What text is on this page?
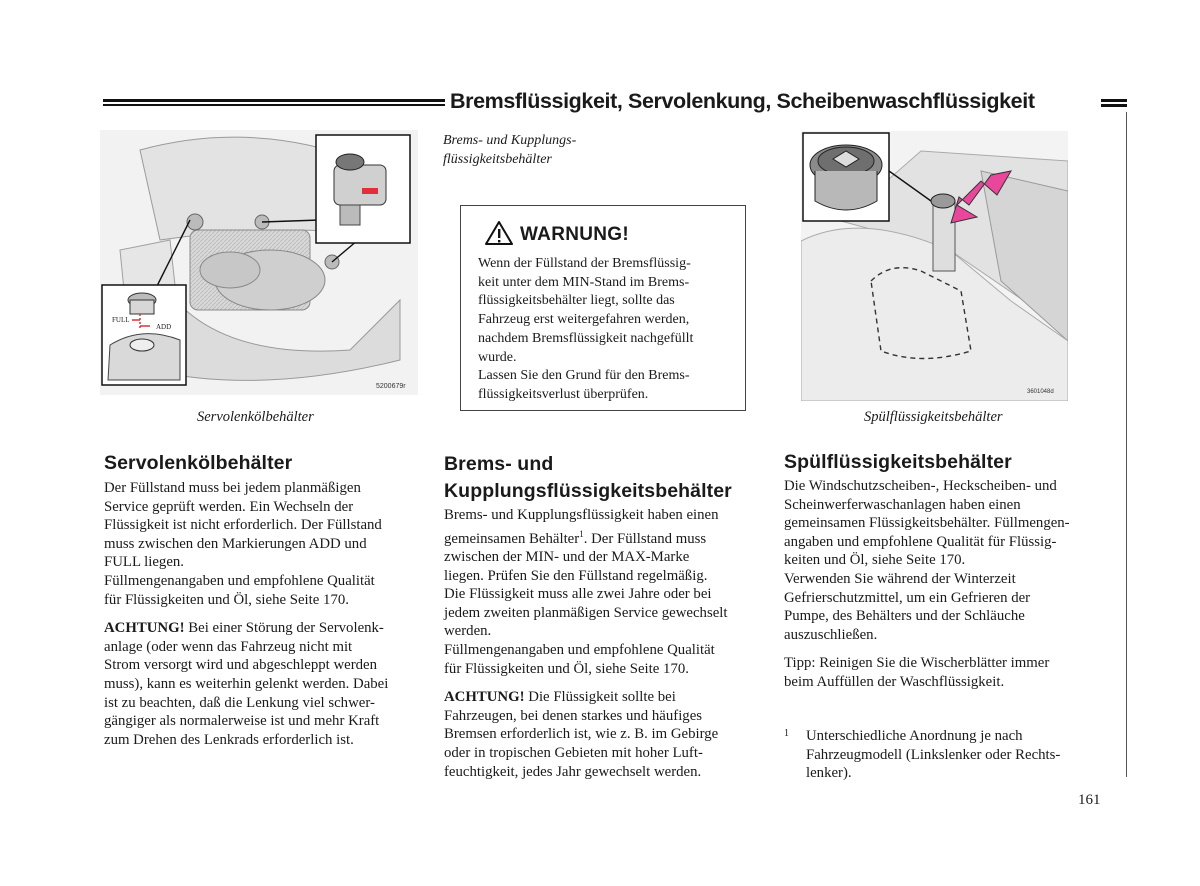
Bremsflüssigkeit, Servolenkung, Scheibenwaschflüssigkeit
FULL
ADD
5200679r
Servolenkölbehälter
Brems- und Kupplungs-
flüssigkeitsbehälter
WARNUNG!
Wenn der Füllstand der Bremsflüssig-
keit unter dem MIN-Stand im Brems-
flüssigkeitsbehälter liegt, sollte das
Fahrzeug erst weitergefahren werden,
nachdem Bremsflüssigkeit nachgefüllt
wurde.
Lassen Sie den Grund für den Brems-
flüssigkeitsverlust überprüfen.	3601048d
Spülflüssigkeitsbehälter
Servolenkölbehälter

Der Füllstand muss bei jedem planmäßigen
Service geprüft werden. Ein Wechseln der
Flüssigkeit ist nicht erforderlich. Der Füllstand
muss zwischen den Markierungen ADD und
FULL liegen.
Füllmengenangaben und empfohlene Qualität
für Flüssigkeiten und Öl, siehe Seite 170.

ACHTUNG! Bei einer Störung der Servolenk-
anlage (oder wenn das Fahrzeug nicht mit
Strom versorgt wird und abgeschleppt werden
muss), kann es weiterhin gelenkt werden. Dabei
ist zu beachten, daß die Lenkung viel schwer-
gängiger als normalerweise ist und mehr Kraft
zum Drehen des Lenkrads erforderlich ist.

Brems- und
Kupplungsflüssigkeitsbehälter

Brems- und Kupplungsflüssigkeit haben einen
gemeinsamen Behälter$^1$. Der Füllstand muss
zwischen der MIN- und der MAX-Marke
liegen. Prüfen Sie den Füllstand regelmäßig.
Die Flüssigkeit muss alle zwei Jahre oder bei
jedem zweiten planmäßigen Service gewechselt
werden.
Füllmengenangaben und empfohlene Qualität
für Flüssigkeiten und Öl, siehe Seite 170.

ACHTUNG! Die Flüssigkeit sollte bei
Fahrzeugen, bei denen starkes und häufiges
Bremsen erforderlich ist, wie z. B. im Gebirge
oder in tropischen Gebieten mit hoher Luft-
feuchtigkeit, jedes Jahr gewechselt werden.

Spülflüssigkeitsbehälter

Die Windschutzscheiben-, Heckscheiben- und
Scheinwerferwaschanlagen haben einen
gemeinsamen Flüssigkeitsbehälter. Füllmengen-
angaben und empfohlene Qualität für Flüssig-
keiten und Öl, siehe Seite 170.
Verwenden Sie während der Winterzeit
Gefrierschutzmittel, um ein Gefrieren der
Pumpe, des Behälters und der Schläuche
auszuschließen.

Tipp: Reinigen Sie die Wischerblätter immer
beim Auffüllen der Waschflüssigkeit.

1 Unterschiedliche Anordnung je nach
Fahrzeugmodell (Linkslenker oder Rechts-
lenker).
161
